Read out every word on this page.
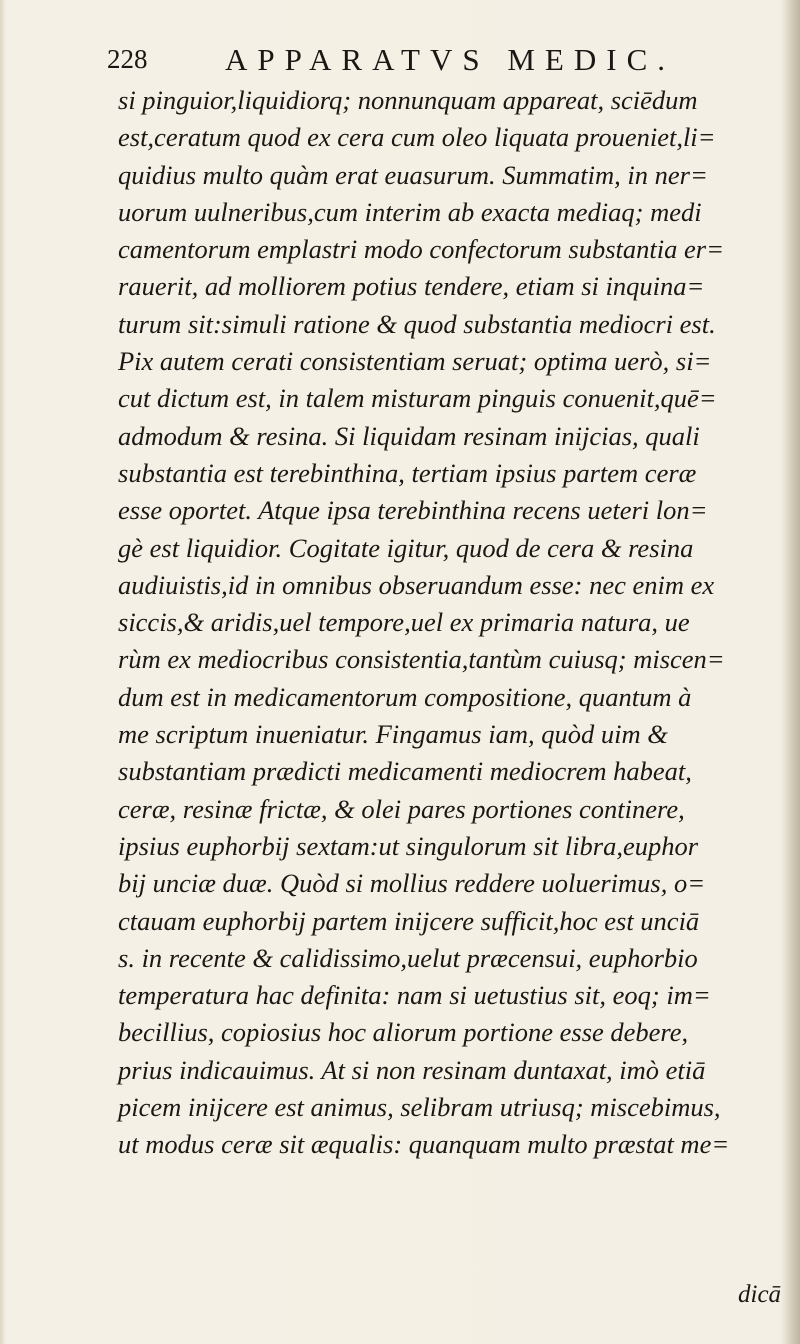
228	APPARATVS MEDIC.
si pinguior,liquidiorq; nonnunquam appareat, sciēdum
est,ceratum quod ex cera cum oleo liquata proueniet,li=
quidius multo quàm erat euasurum. Summatim, in ner=
uorum uulneribus,cum interim ab exacta mediaq; medi
camentorum emplastri modo confectorum substantia er=
rauerit, ad molliorem potius tendere, etiam si inquina=
turum sit:simuli ratione & quod substantia mediocri est.
Pix autem cerati consistentiam seruat; optima uerò, si=
cut dictum est, in talem misturam pinguis conuenit,quē=
admodum & resina. Si liquidam resinam inijcias, quali
substantia est terebinthina, tertiam ipsius partem ceræ
esse oportet. Atque ipsa terebinthina recens ueteri lon=
gè est liquidior. Cogitate igitur, quod de cera & resina
audiuistis,id in omnibus obseruandum esse: nec enim ex
siccis,& aridis,uel tempore,uel ex primaria natura, ue
rùm ex mediocribus consistentia,tantùm cuiusq; miscen=
dum est in medicamentorum compositione, quantum à
me scriptum inueniatur. Fingamus iam, quòd uim &
substantiam prædicti medicamenti mediocrem habeat,
ceræ, resinæ frictæ, & olei pares portiones continere,
ipsius euphorbij sextam:ut singulorum sit libra,euphor
bij unciæ duæ. Quòd si mollius reddere uoluerimus, o=
ctauam euphorbij partem inijcere sufficit,hoc est unciā
s. in recente & calidissimo,uelut præcensui, euphorbio
temperatura hac definita: nam si uetustius sit, eoq; im=
becillius, copiosius hoc aliorum portione esse debere,
prius indicauimus. At si non resinam duntaxat, imò etiā
picem inijcere est animus, selibram utriusq; miscebimus,
ut modus ceræ sit æqualis: quanquam multo præstat me=
dicā
